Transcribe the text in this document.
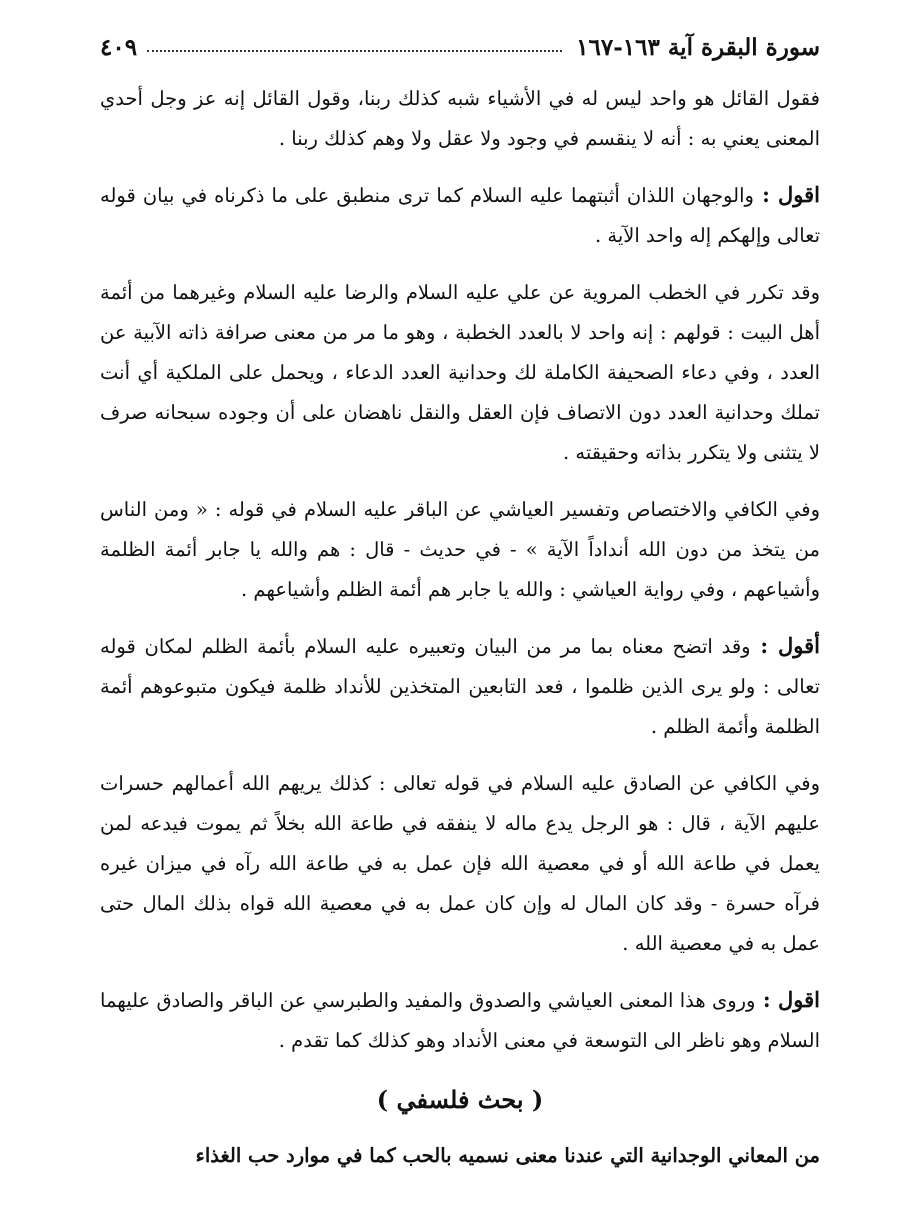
سورة البقرة آية ١٦٣-١٦٧
٤٠٩

فقول القائل هو واحد ليس له في الأشياء شبه كذلك ربنا، وقول القائل إنه عز وجل أحدي المعنى يعني به : أنه لا ينقسم في وجود ولا عقل ولا وهم كذلك ربنا .

اقول : والوجهان اللذان أثبتهما عليه السلام كما ترى منطبق على ما ذكرناه في بيان قوله تعالى وإلهكم إله واحد الآية .

وقد تكرر في الخطب المروية عن علي عليه السلام والرضا عليه السلام وغيرهما من أئمة أهل البيت : قولهم : إنه واحد لا بالعدد الخطبة ، وهو ما مر من معنى صرافة ذاته الآبية عن العدد ، وفي دعاء الصحيفة الكاملة لك وحدانية العدد الدعاء ، ويحمل على الملكية أي أنت تملك وحدانية العدد دون الاتصاف فإن العقل والنقل ناهضان على أن وجوده سبحانه صرف لا يتثنى ولا يتكرر بذاته وحقيقته .

وفي الكافي والاختصاص وتفسير العياشي عن الباقر عليه السلام في قوله : « ومن الناس من يتخذ من دون الله أنداداً الآية » - في حديث - قال : هم والله يا جابر أئمة الظلمة وأشياعهم ، وفي رواية العياشي : والله يا جابر هم أئمة الظلم وأشياعهم .

أقول : وقد اتضح معناه بما مر من البيان وتعبيره عليه السلام بأئمة الظلم لمكان قوله تعالى : ولو يرى الذين ظلموا ، فعد التابعين المتخذين للأنداد ظلمة فيكون متبوعوهم أئمة الظلمة وأئمة الظلم .

وفي الكافي عن الصادق عليه السلام في قوله تعالى : كذلك يريهم الله أعمالهم حسرات عليهم الآية ، قال : هو الرجل يدع ماله لا ينفقه في طاعة الله بخلاً ثم يموت فيدعه لمن يعمل في طاعة الله أو في معصية الله فإن عمل به في طاعة الله رآه في ميزان غيره فرآه حسرة - وقد كان المال له وإن كان عمل به في معصية الله قواه بذلك المال حتى عمل به في معصية الله .

اقول : وروى هذا المعنى العياشي والصدوق والمفيد والطبرسي عن الباقر والصادق عليهما السلام وهو ناظر الى التوسعة في معنى الأنداد وهو كذلك كما تقدم .

( بحث فلسفي )

من المعاني الوجدانية التي عندنا معنى نسميه بالحب كما في موارد حب الغذاء
